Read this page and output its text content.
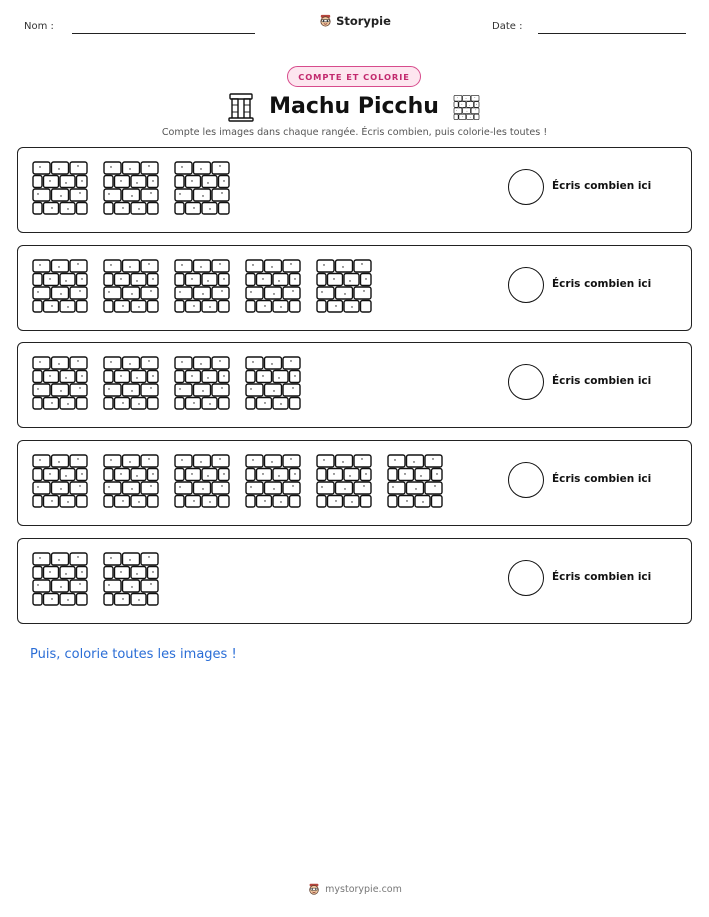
Nom :	Storypie	Date :
COMPTE ET COLORIE
Machu Picchu
Compte les images dans chaque rangée. Écris combien, puis colorie-les toutes !
Écris combien ici
Écris combien ici
Écris combien ici
Écris combien ici
Écris combien ici
Puis, colorie toutes les images !
mystorypie.com
